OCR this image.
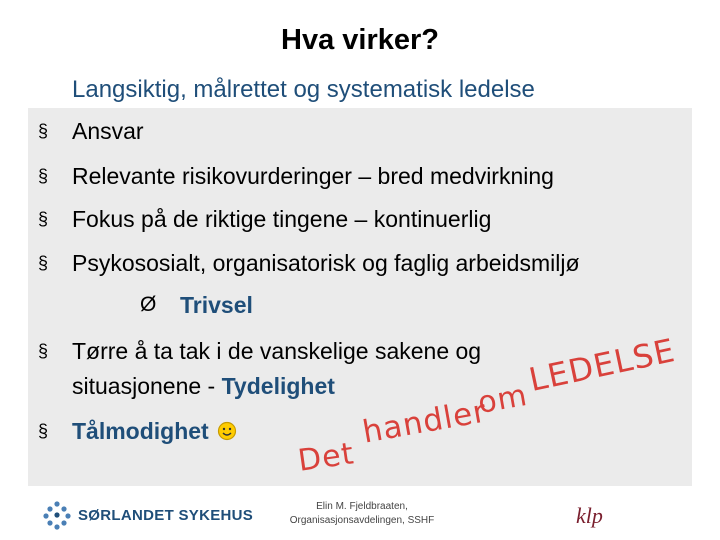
Hva virker?
Langsiktig, målrettet og systematisk ledelse
§ Ansvar
§ Relevante risikovurderinger – bred medvirkning
§ Fokus på de riktige tingene – kontinuerlig
§ Psykososialt, organisatorisk og faglig arbeidsmiljø
Ø Trivsel
§ Tørre å ta tak i de vanskelige sakene og
situasjonene - Tydelighet
§ Tålmodighet
Det
handler
om
LEDELSE
SØRLANDET SYKEHUS	Elin M. Fjeldbraaten,
Organisasjonsavdelingen, SSHF	klp
